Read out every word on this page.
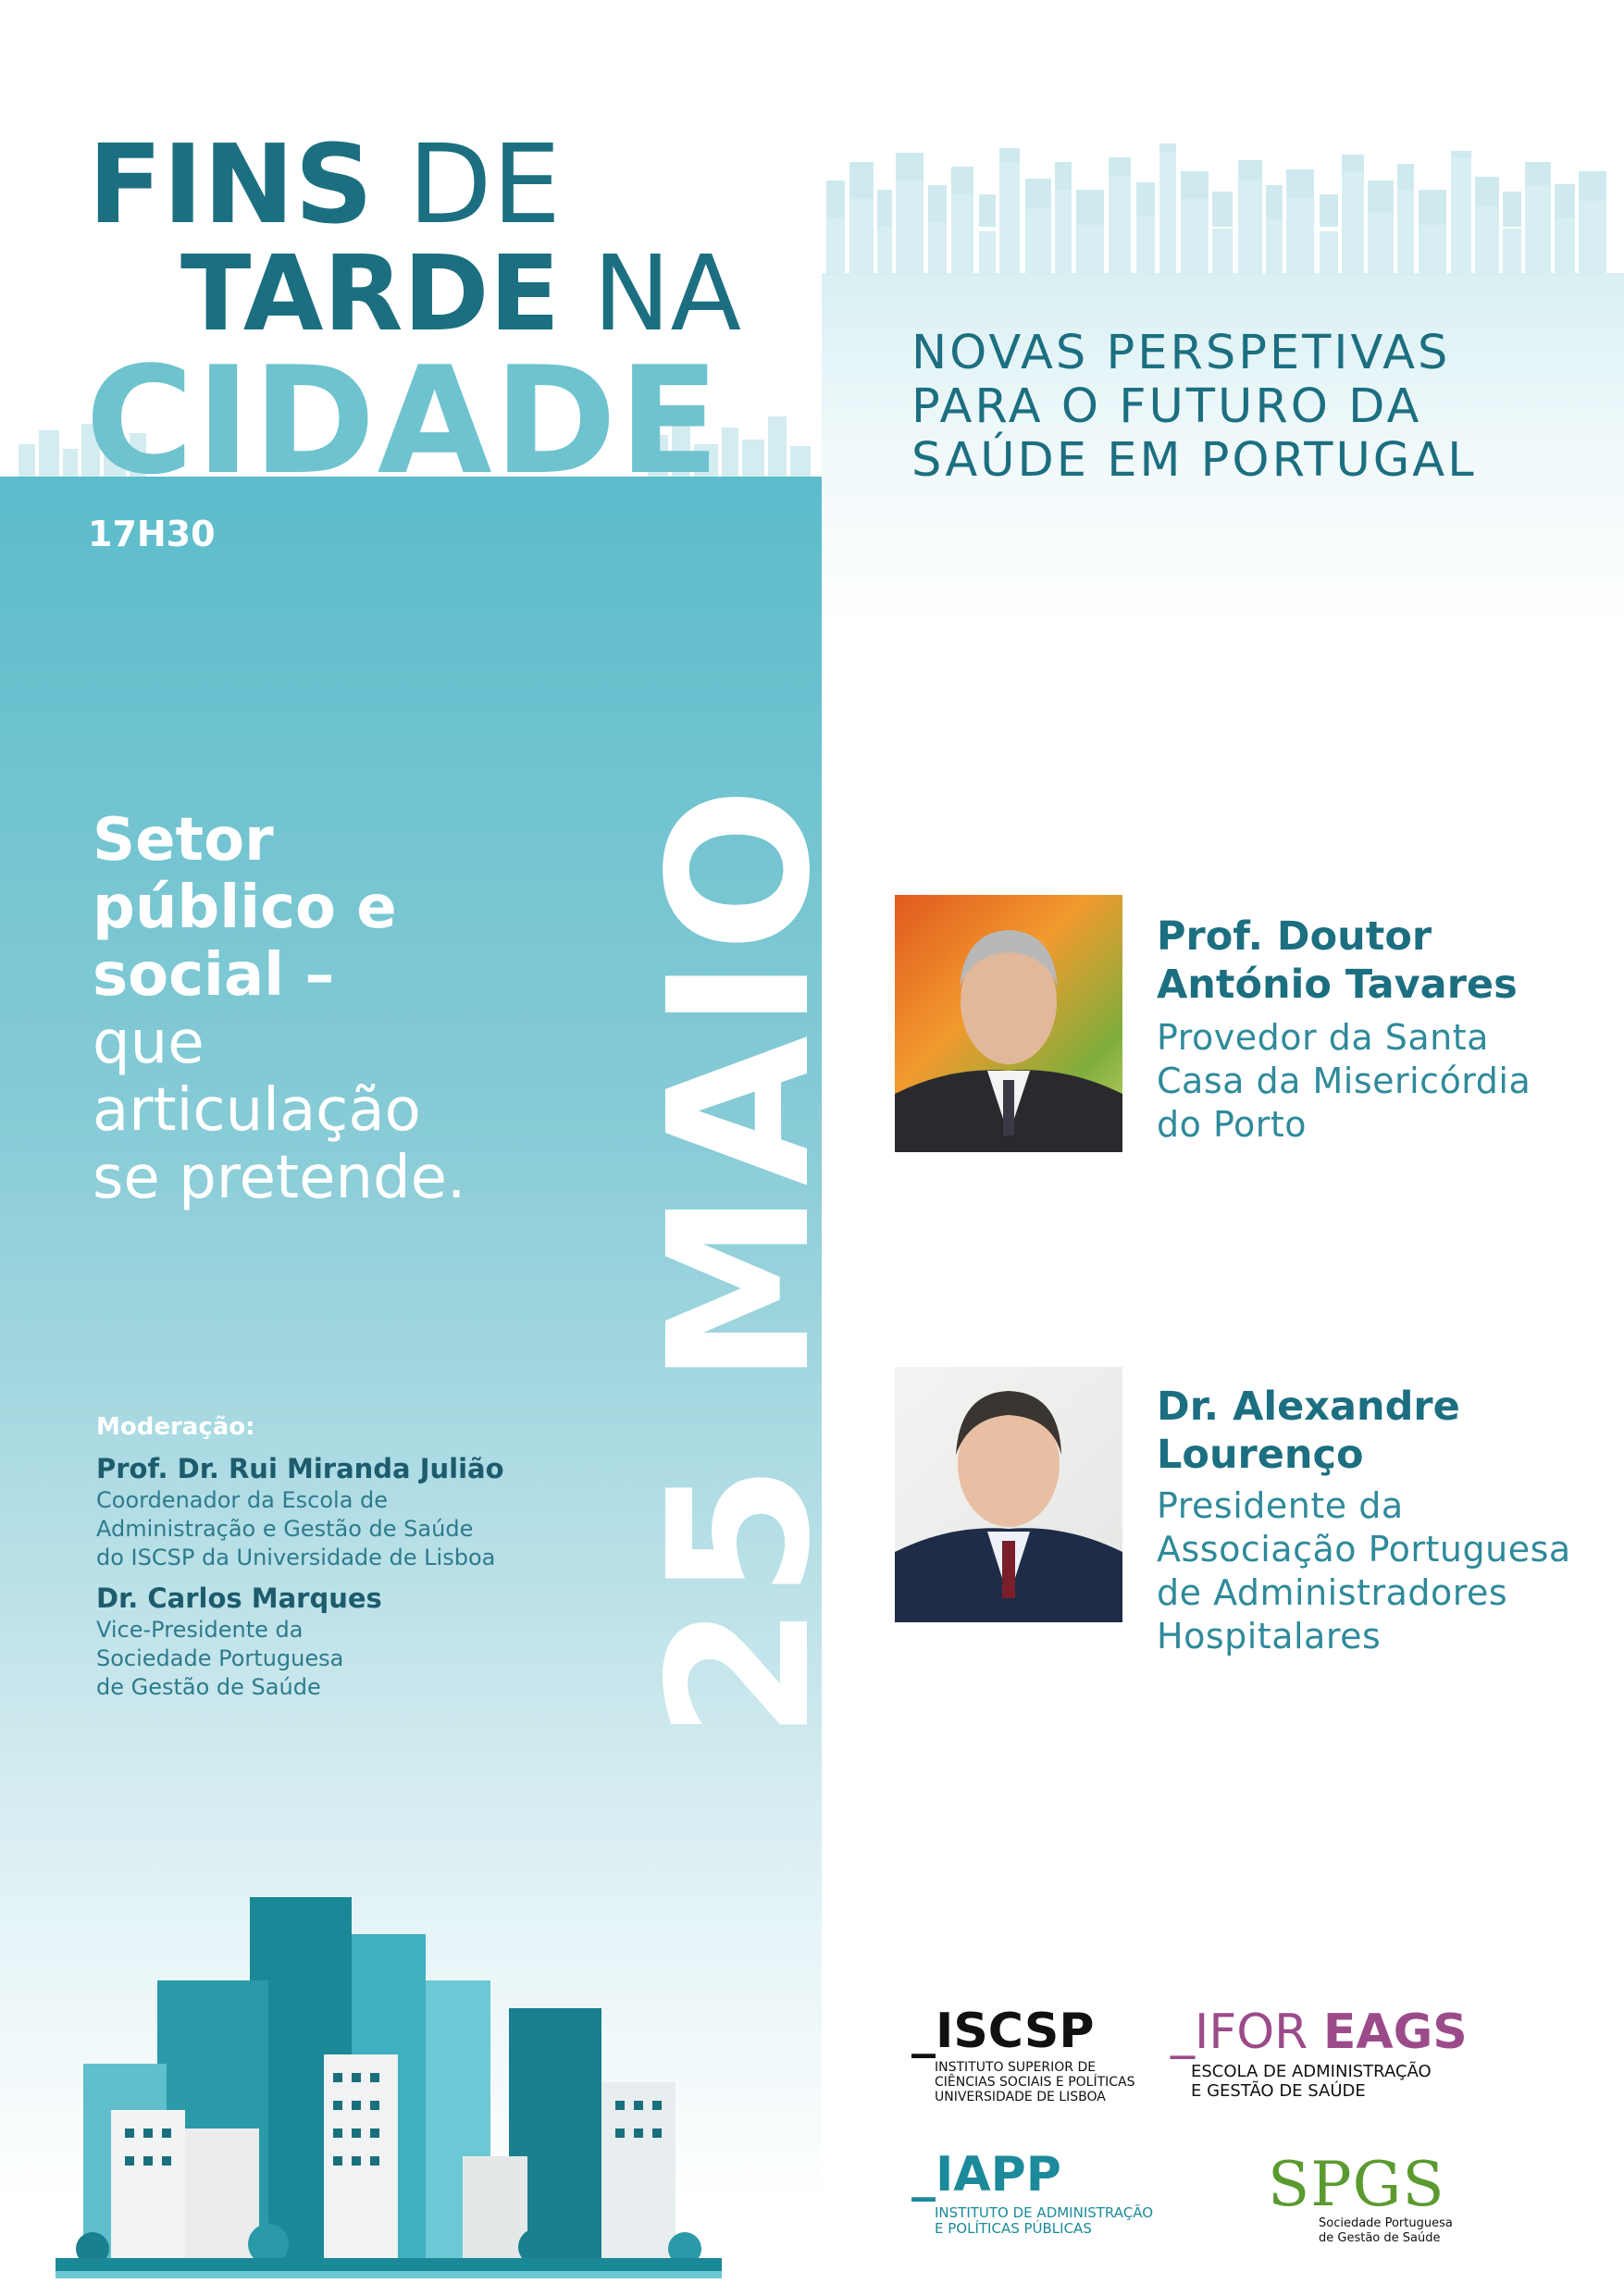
FINS DE
TARDE NA
CIDADE
17H30
NOVAS PERSPETIVAS
PARA O FUTURO DA
SAÚDE EM PORTUGAL
25 MAIO
Setor
público e
social –
que
articulação
se pretende.
Moderação:
Prof. Dr. Rui Miranda Julião
Coordenador da Escola de
Administração e Gestão de Saúde
do ISCSP da Universidade de Lisboa
Dr. Carlos Marques
Vice-Presidente da
Sociedade Portuguesa
de Gestão de Saúde
Prof. Doutor
António Tavares
Provedor da Santa
Casa da Misericórdia
do Porto
Dr. Alexandre
Lourenço
Presidente da
Associação Portuguesa
de Administradores
Hospitalares
_ISCSP
INSTITUTO SUPERIOR DE
CIÊNCIAS SOCIAIS E POLÍTICAS
UNIVERSIDADE DE LISBOA
_IFOR EAGS
ESCOLA DE ADMINISTRAÇÃO
E GESTÃO DE SAÚDE
_IAPP
INSTITUTO DE ADMINISTRAÇÃO
E POLÍTICAS PÚBLICAS
SPGS
Sociedade Portuguesa
de Gestão de Saúde
